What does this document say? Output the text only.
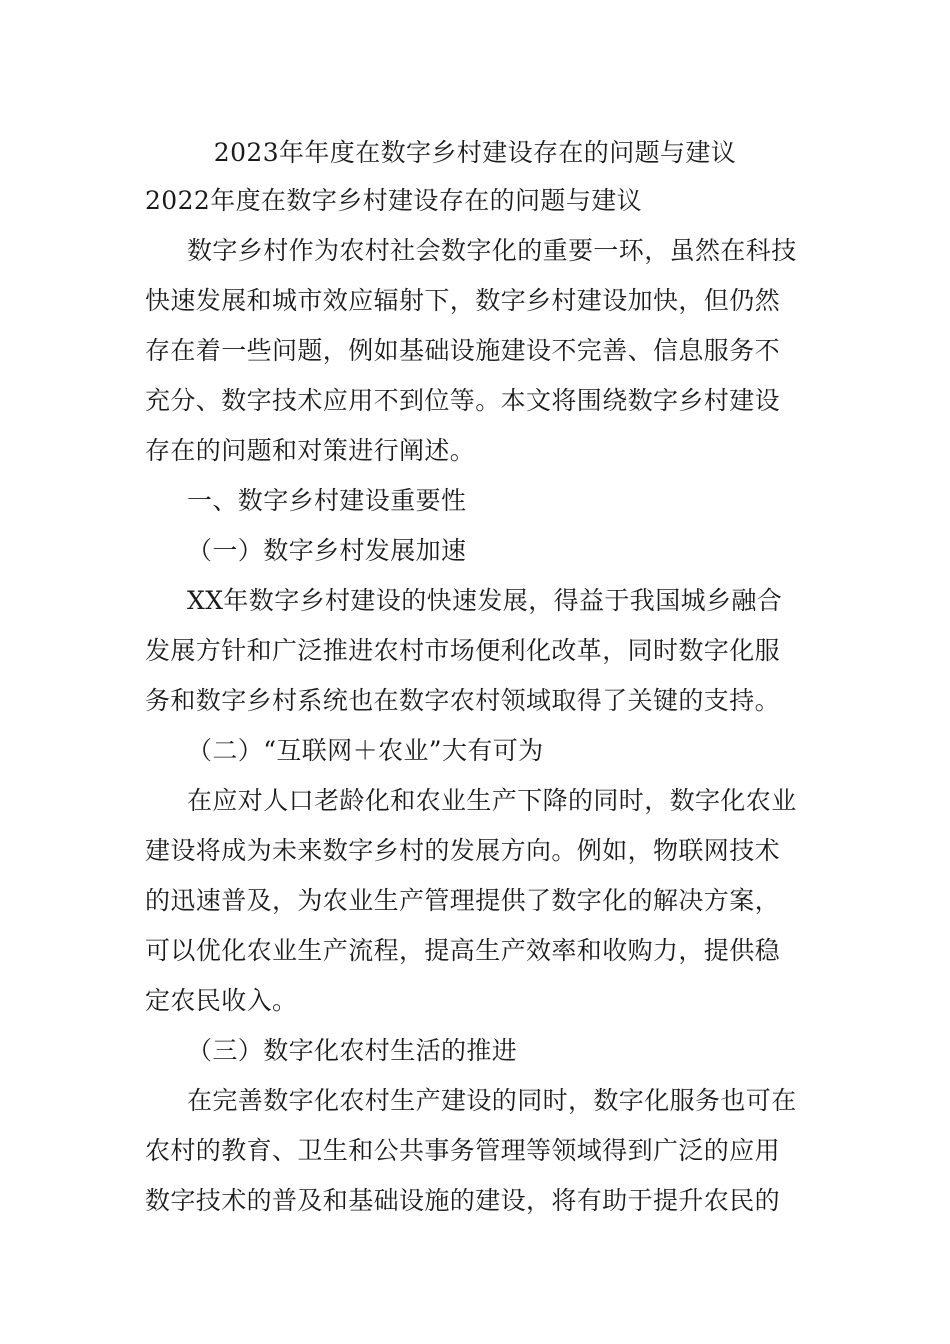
2023年年度在数字乡村建设存在的问题与建议
2022年度在数字乡村建设存在的问题与建议
数字乡村作为农村社会数字化的重要一环，虽然在科技
快速发展和城市效应辐射下，数字乡村建设加快，但仍然
存在着一些问题，例如基础设施建设不完善、信息服务不
充分、数字技术应用不到位等。本文将围绕数字乡村建设
存在的问题和对策进行阐述。
一、数字乡村建设重要性
（一）数字乡村发展加速
XX年数字乡村建设的快速发展，得益于我国城乡融合
发展方针和广泛推进农村市场便利化改革，同时数字化服
务和数字乡村系统也在数字农村领域取得了关键的支持。
（二）“互联网＋农业”大有可为
在应对人口老龄化和农业生产下降的同时，数字化农业
建设将成为未来数字乡村的发展方向。例如，物联网技术
的迅速普及，为农业生产管理提供了数字化的解决方案，
可以优化农业生产流程，提高生产效率和收购力，提供稳
定农民收入。
（三）数字化农村生活的推进
在完善数字化农村生产建设的同时，数字化服务也可在
农村的教育、卫生和公共事务管理等领域得到广泛的应用
数字技术的普及和基础设施的建设，将有助于提升农民的
